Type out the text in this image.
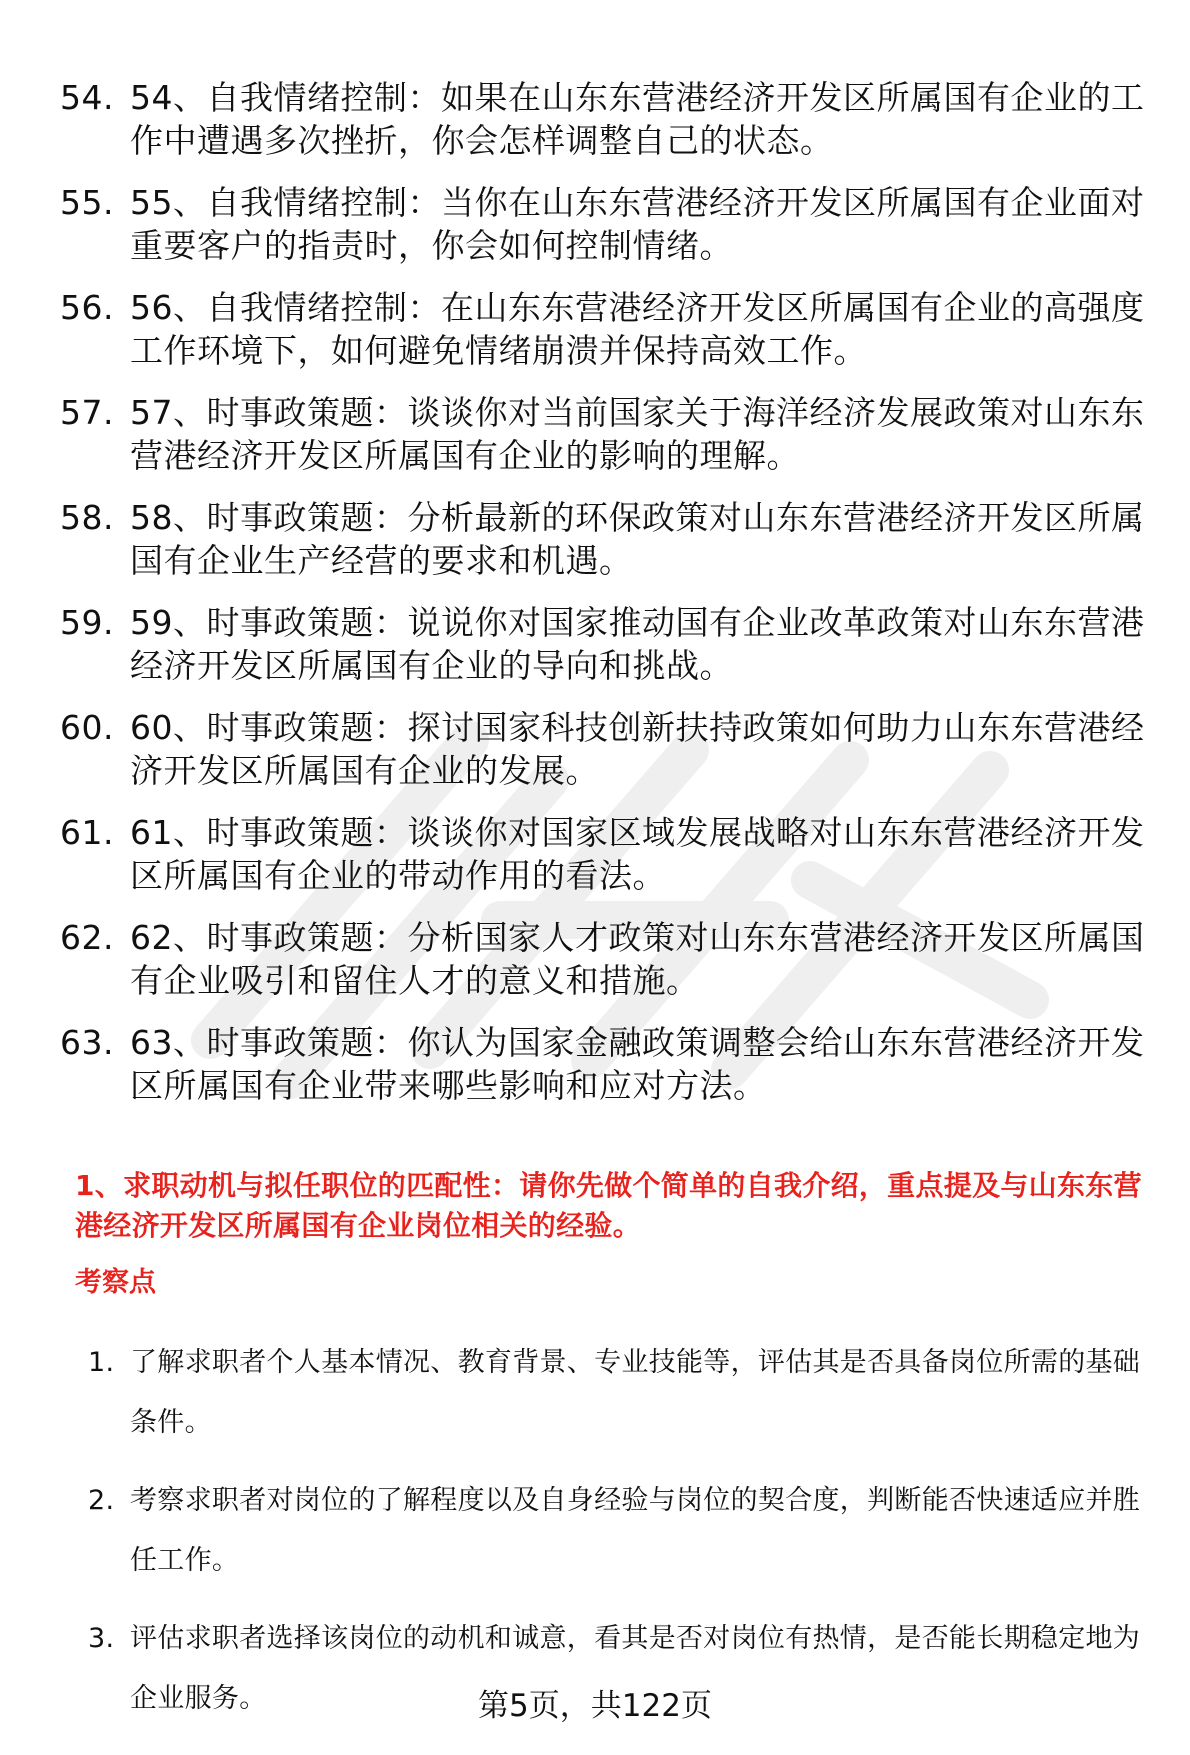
54. 54、自我情绪控制：如果在山东东营港经济开发区所属国有企业的工作中遭遇多次挫折，你会怎样调整自己的状态。
55. 55、自我情绪控制：当你在山东东营港经济开发区所属国有企业面对重要客户的指责时，你会如何控制情绪。
56. 56、自我情绪控制：在山东东营港经济开发区所属国有企业的高强度工作环境下，如何避免情绪崩溃并保持高效工作。
57. 57、时事政策题：谈谈你对当前国家关于海洋经济发展政策对山东东营港经济开发区所属国有企业的影响的理解。
58. 58、时事政策题：分析最新的环保政策对山东东营港经济开发区所属国有企业生产经营的要求和机遇。
59. 59、时事政策题：说说你对国家推动国有企业改革政策对山东东营港经济开发区所属国有企业的导向和挑战。
60. 60、时事政策题：探讨国家科技创新扶持政策如何助力山东东营港经济开发区所属国有企业的发展。
61. 61、时事政策题：谈谈你对国家区域发展战略对山东东营港经济开发区所属国有企业的带动作用的看法。
62. 62、时事政策题：分析国家人才政策对山东东营港经济开发区所属国有企业吸引和留住人才的意义和措施。
63. 63、时事政策题：你认为国家金融政策调整会给山东东营港经济开发区所属国有企业带来哪些影响和应对方法。
1、求职动机与拟任职位的匹配性：请你先做个简单的自我介绍，重点提及与山东东营港经济开发区所属国有企业岗位相关的经验。
考察点
1. 了解求职者个人基本情况、教育背景、专业技能等，评估其是否具备岗位所需的基础条件。
2. 考察求职者对岗位的了解程度以及自身经验与岗位的契合度，判断能否快速适应并胜任工作。
3. 评估求职者选择该岗位的动机和诚意，看其是否对岗位有热情，是否能长期稳定地为企业服务。	第5页，共122页
